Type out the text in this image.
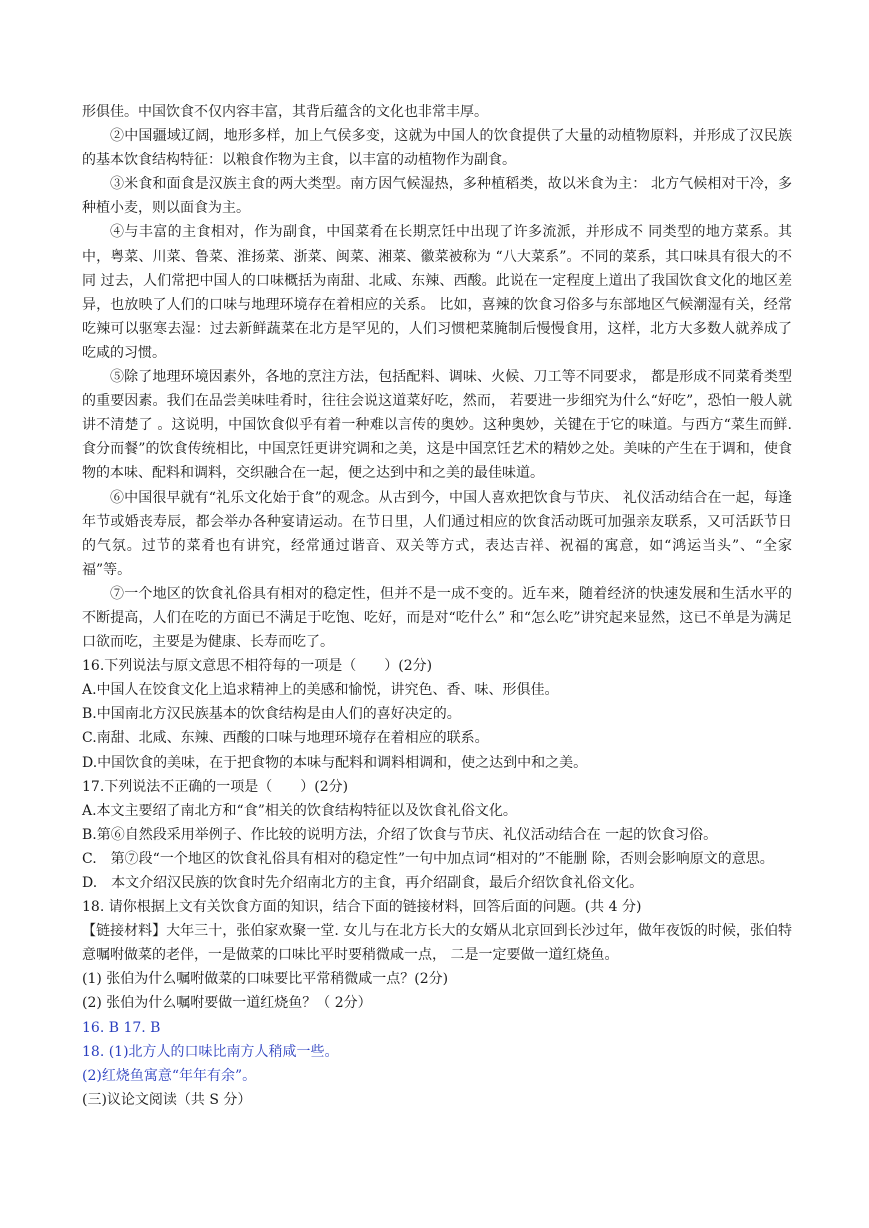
形俱佳。中国饮食不仅内容丰富，其背后蕴含的文化也非常丰厚。

②中国疆域辽阔，地形多样，加上气侯多变，这就为中国人的饮食提供了大量的动植物原料，并形成了汉民族的基本饮食结构特征：以粮食作物为主食，以丰富的动植物作为副食。

③米食和面食是汉族主食的两大类型。南方因气候湿热，多种植稻类，故以米食为主： 北方气候相对干冷，多种植小麦，则以面食为主。

④与丰富的主食相对，作为副食，中国菜肴在长期烹饪中出现了许多流派，并形成不 同类型的地方菜系。其中，粤菜、川菜、鲁菜、淮扬菜、浙菜、闽菜、湘菜、徽菜被称为 “八大菜系”。不同的菜系，其口味具有很大的不同 过去，人们常把中国人的口味概括为南甜、北咸、东辣、西酸。此说在一定程度上道出了我国饮食文化的地区差异，也放映了人们的口味与地理环境存在着相应的关系。 比如，喜辣的饮食习俗多与东部地区气候潮湿有关，经常吃辣可以驱寒去湿：过去新鲜蔬菜在北方是罕见的，人们习惯杷菜腌制后慢慢食用，这样，北方大多数人就养成了吃咸的习惯。

⑤除了地理环境因素外，各地的烹注方法，包括配料、调味、火候、刀工等不同要求， 都是形成不同菜肴类型的重要因素。我们在品尝美味哇肴时，往往会说这道菜好吃，然而， 若要进一步细究为什么“好吃”，恐怕一般人就讲不清楚了 。这说明，中国饮食似乎有着一种难以言传的奥妙。这种奥妙，关键在于它的味道。与西方“菜生而鲜. 食分而餐”的饮食传统相比，中国烹饪更讲究调和之美，这是中国烹饪艺术的精妙之处。美味的产生在于调和，使食物的本味、配料和调料，交织融合在一起，便之达到中和之美的最佳味道。

⑥中国很早就有“礼乐文化始于食”的观念。从古到今，中国人喜欢把饮食与节庆、 礼仪活动结合在一起，每逢年节或婚丧寿辰，都会举办各种宴请运动。在节日里，人们通过相应的饮食活动既可加强亲友联系，又可活跃节日的气氛。过节的菜肴也有讲究，经常通过谐音、双关等方式，表达吉祥、祝福的寓意，如“鸿运当头”、“全家福”等。

⑦一个地区的饮食礼俗具有相对的稳定性，但并不是一成不变的。近车来，随着经济的快速发展和生活水平的不断提高，人们在吃的方面已不满足于吃饱、吃好，而是对“吃什么” 和“怎么吃”讲究起来显然，这已不单是为满足口欲而吃，主要是为健康、长寿而吃了。

16.下列说法与原文意思不相符每的一项是（　　）(2分)

A.中国人在饺食文化上追求精神上的美感和愉悦，讲究色、香、味、形俱佳。

B.中国南北方汉民族基本的饮食结构是由人们的喜好决定的。

C.南甜、北咸、东辣、西酸的口味与地理环境存在着相应的联系。

D.中国饮食的美味，在于把食物的本味与配料和调料相调和，使之达到中和之美。

17.下列说法不正确的一项是（　　）(2分)

A.本文主要绍了南北方和“食”相关的饮食结构特征以及饮食礼俗文化。

B.第⑥自然段采用举例子、作比较的说明方法，介绍了饮食与节庆、礼仪活动结合在 一起的饮食习俗。

C.　第⑦段“一个地区的饮食礼俗具有相对的稳定性”一句中加点词“相对的”不能删 除，否则会影响原文的意思。

D.　本文介绍汉民族的饮食时先介绍南北方的主食，再介绍副食，最后介绍饮食礼俗文化。

18. 请你根据上文有关饮食方面的知识，结合下面的链接材料，回答后面的问题。(共 4 分)

【链接材料】大年三十，张伯家欢聚一堂. 女儿与在北方长大的女婿从北京回到长沙过年，做年夜饭的时候，张伯特意嘱咐做菜的老伴，一是做菜的口味比平时要稍微咸一点， 二是一定要做一道红烧鱼。

(1) 张伯为什么嘱咐做菜的口味要比平常稍微咸一点？(2分)

(2) 张伯为什么嘱咐要做一道红烧鱼？（ 2分）

16. B 17. B

18. (1)北方人的口味比南方人稍咸一些。

(2)红烧鱼寓意“年年有余”。

(三)议论文阅读（共 S 分）
